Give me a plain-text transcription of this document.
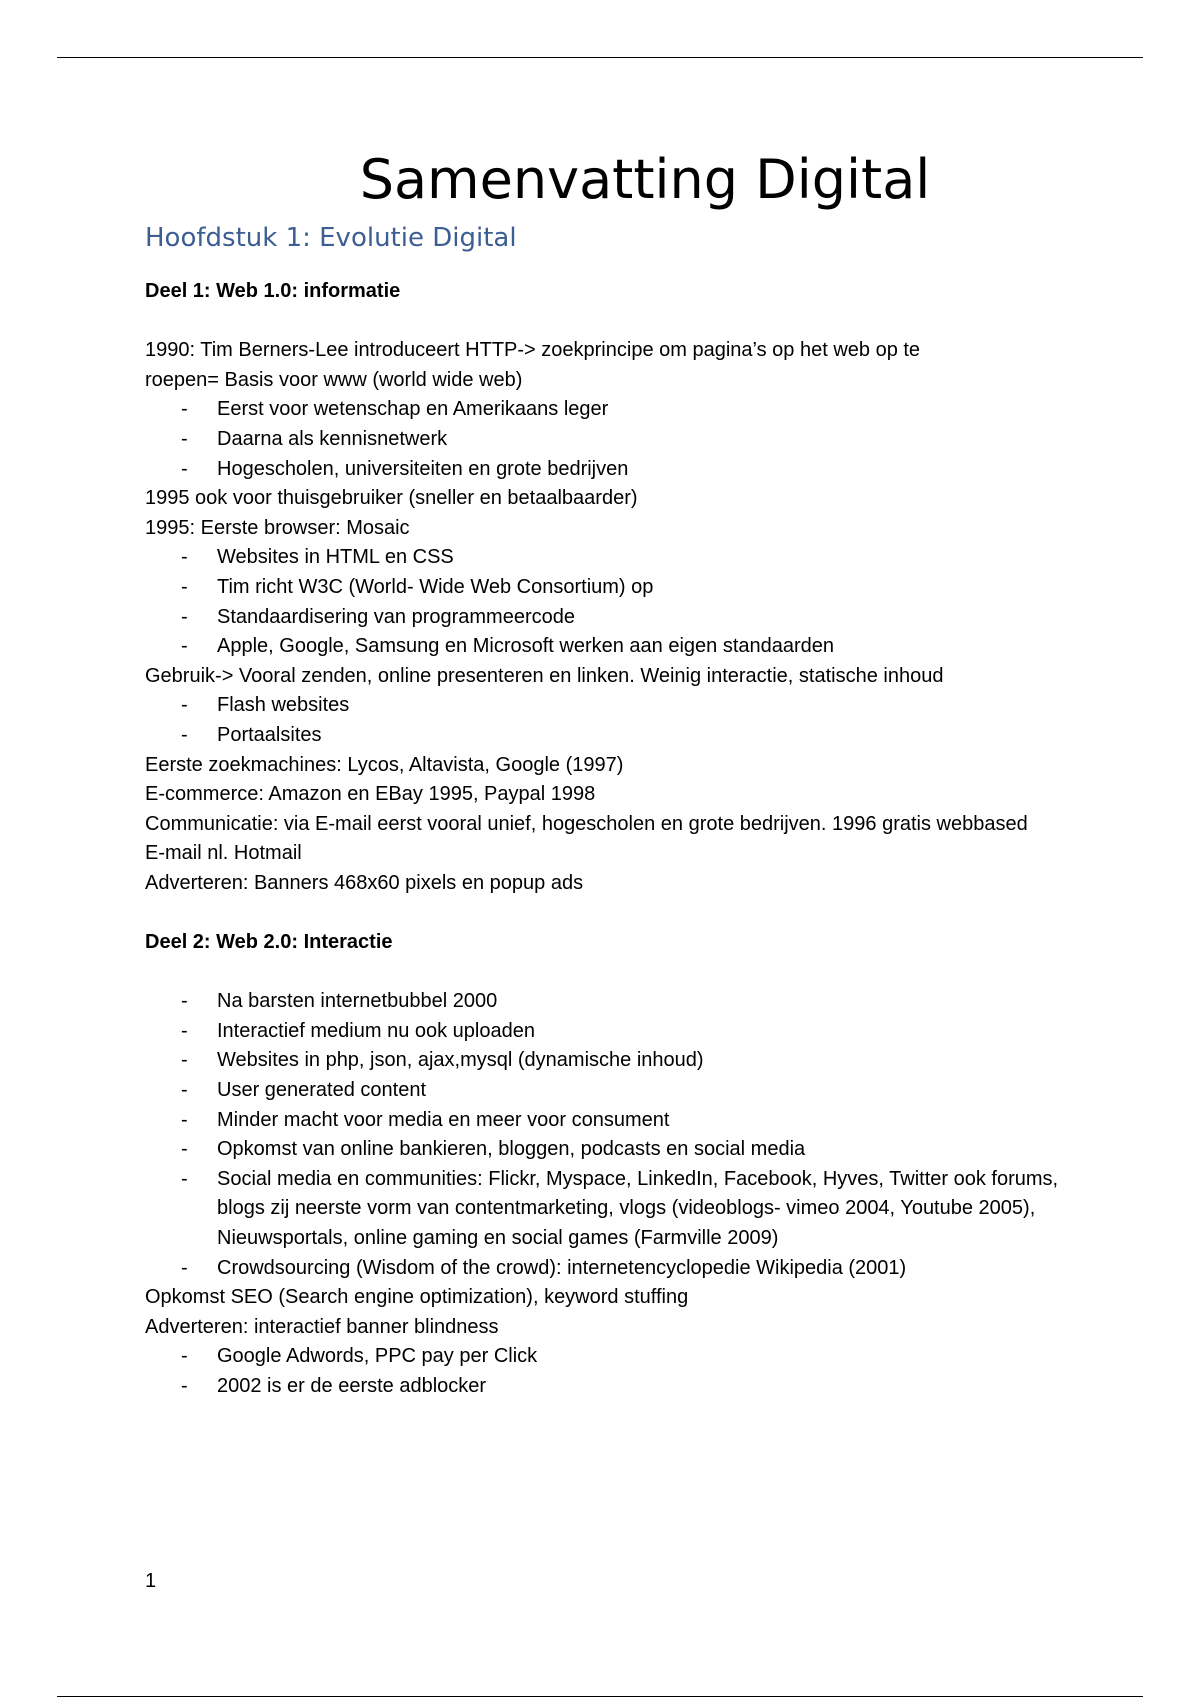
Samenvatting Digital
Hoofdstuk 1: Evolutie Digital

Deel 1: Web 1.0: informatie

1990: Tim Berners-Lee introduceert HTTP-> zoekprincipe om pagina’s op het web op te roepen= Basis voor www (world wide web)

- Eerst voor wetenschap en Amerikaans leger
- Daarna als kennisnetwerk
- Hogescholen, universiteiten en grote bedrijven

1995 ook voor thuisgebruiker (sneller en betaalbaarder)

1995: Eerste browser: Mosaic

- Websites in HTML en CSS
- Tim richt W3C (World- Wide Web Consortium) op
- Standaardisering van programmeercode
- Apple, Google, Samsung en Microsoft werken aan eigen standaarden

Gebruik-> Vooral zenden, online presenteren en linken. Weinig interactie, statische inhoud

- Flash websites
- Portaalsites

Eerste zoekmachines: Lycos, Altavista, Google (1997)

E-commerce: Amazon en EBay 1995, Paypal 1998

Communicatie: via E-mail eerst vooral unief, hogescholen en grote bedrijven. 1996 gratis webbased E-mail nl. Hotmail

Adverteren: Banners 468x60 pixels en popup ads

Deel 2: Web 2.0: Interactie

- Na barsten internetbubbel 2000
- Interactief medium nu ook uploaden
- Websites in php, json, ajax,mysql (dynamische inhoud)
- User generated content
- Minder macht voor media en meer voor consument
- Opkomst van online bankieren, bloggen, podcasts en social media
- Social media en communities: Flickr, Myspace, LinkedIn, Facebook, Hyves, Twitter ook forums, blogs zij neerste vorm van contentmarketing, vlogs (videoblogs- vimeo 2004, Youtube 2005), Nieuwsportals, online gaming en social games (Farmville 2009)
- Crowdsourcing (Wisdom of the crowd): internetencyclopedie Wikipedia (2001)

Opkomst SEO (Search engine optimization), keyword stuffing

Adverteren: interactief banner blindness

- Google Adwords, PPC pay per Click
- 2002 is er de eerste adblocker
1
